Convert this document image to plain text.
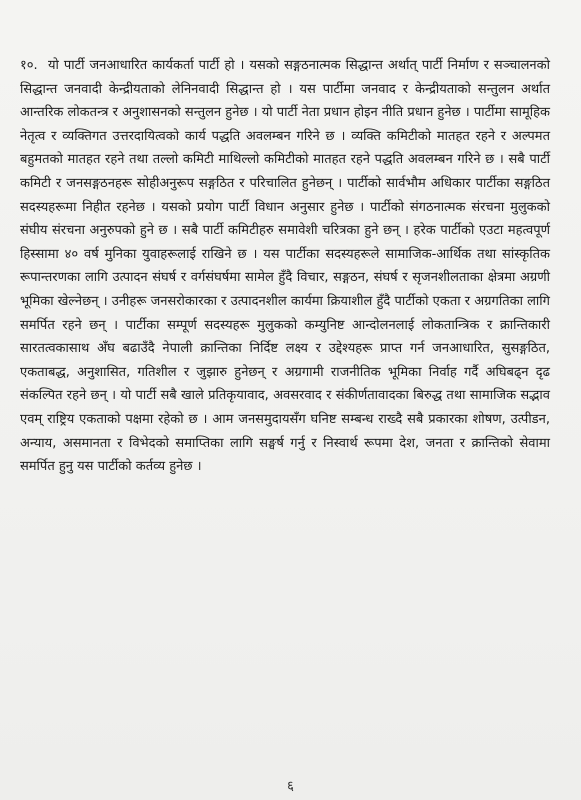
१०. यो पार्टी जनआधारित कार्यकर्ता पार्टी हो । यसको सङ्गठनात्मक सिद्धान्त अर्थात् पार्टी निर्माण र सञ्चालनको सिद्धान्त जनवादी केन्द्रीयताको लेनिनवादी सिद्धान्त हो । यस पार्टीमा जनवाद र केन्द्रीयताको सन्तुलन अर्थात आन्तरिक लोकतन्त्र र अनुशासनको सन्तुलन हुनेछ । यो पार्टी नेता प्रधान होइन नीति प्रधान हुनेछ । पार्टीमा सामूहिक नेतृत्व र व्यक्तिगत उत्तरदायित्वको कार्य पद्धति अवलम्बन गरिने छ । व्यक्ति कमिटीको मातहत रहने र अल्पमत बहुमतको मातहत रहने तथा तल्लो कमिटी माथिल्लो कमिटीको मातहत रहने पद्धति अवलम्बन गरिने छ । सबै पार्टी कमिटी र जनसङ्गठनहरू सोहीअनुरूप सङ्गठित र परिचालित हुनेछन् । पार्टीको सार्वभौम अधिकार पार्टीका सङ्गठित सदस्यहरूमा निहीत रहनेछ । यसको प्रयोग पार्टी विधान अनुसार हुनेछ । पार्टीको संगठनात्मक संरचना मुलुकको संघीय संरचना अनुरुपको हुने छ । सबै पार्टी कमिटीहरु समावेशी चरित्रका हुने छन् । हरेक पार्टीको एउटा महत्वपूर्ण हिस्सामा ४० वर्ष मुनिका युवाहरूलाई राखिने छ । यस पार्टीका सदस्यहरूले सामाजिक-आर्थिक तथा सांस्कृतिक रूपान्तरणका लागि उत्पादन संघर्ष र वर्गसंघर्षमा सामेल हुँदै विचार, सङ्गठन, संघर्ष र सृजनशीलताका क्षेत्रमा अग्रणी भूमिका खेल्नेछन् । उनीहरू जनसरोकारका र उत्पादनशील कार्यमा क्रियाशील हुँदै पार्टीको एकता र अग्रगतिका लागि समर्पित रहने छन् । पार्टीका सम्पूर्ण सदस्यहरू मुलुकको कम्युनिष्ट आन्दोलनलाई लोकतान्त्रिक र क्रान्तिकारी सारतत्वकासाथ अँघ बढाउँदै नेपाली क्रान्तिका निर्दिष्ट लक्ष्य र उद्देश्यहरू प्राप्त गर्न जनआधारित, सुसङ्गठित, एकताबद्ध, अनुशासित, गतिशील र जुझारु हुनेछन् र अग्रगामी राजनीतिक भूमिका निर्वाह गर्दै अघिबढ्न दृढ संकल्पित रहने छन् । यो पार्टी सबै खाले प्रतिकृयावाद, अवसरवाद र संकीर्णतावादका बिरुद्ध तथा सामाजिक सद्भाव एवम् राष्ट्रिय एकताको पक्षमा रहेको छ । आम जनसमुदायसँग घनिष्ट सम्बन्ध राख्दै सबै प्रकारका शोषण, उत्पीडन, अन्याय, असमानता र विभेदको समाप्तिका लागि सङ्घर्ष गर्नु र निस्वार्थ रूपमा देश, जनता र क्रान्तिको सेवामा समर्पित हुनु यस पार्टीको कर्तव्य हुनेछ ।

६
